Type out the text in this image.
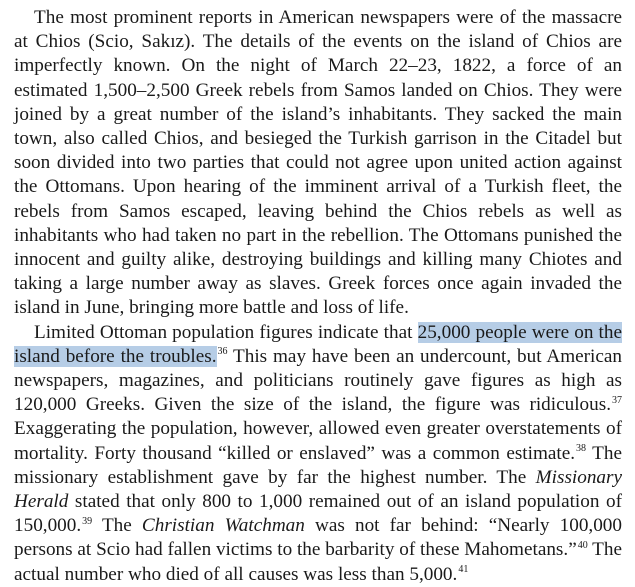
The most prominent reports in American newspapers were of the massacre at Chios (Scio, Sakız). The details of the events on the island of Chios are imperfectly known. On the night of March 22–23, 1822, a force of an estimated 1,500–2,500 Greek rebels from Samos landed on Chios. They were joined by a great number of the island’s inhabitants. They sacked the main town, also called Chios, and besieged the Turkish garrison in the Citadel but soon divided into two parties that could not agree upon united action against the Ottomans. Upon hearing of the imminent arrival of a Turkish fleet, the rebels from Samos escaped, leaving behind the Chios rebels as well as inhabitants who had taken no part in the rebellion. The Ottomans punished the innocent and guilty alike, destroying buildings and killing many Chiotes and taking a large number away as slaves. Greek forces once again invaded the island in June, bringing more battle and loss of life.

Limited Ottoman population figures indicate that 25,000 people were on the island before the troubles.$^{36}$ This may have been an undercount, but American newspapers, magazines, and politicians routinely gave figures as high as 120,000 Greeks. Given the size of the island, the figure was ridiculous.$^{37}$ Exaggerating the population, however, allowed even greater overstatements of mortality. Forty thousand “killed or enslaved” was a common estimate.$^{38}$ The missionary establishment gave by far the highest number. The Missionary Herald stated that only 800 to 1,000 remained out of an island population of 150,000.39 The Christian Watchman was not far behind: “Nearly 100,000 persons at Scio had fallen victims to the barbarity of these Mahometans.”$^{40}$ The actual number who died of all causes was less than 5,000.41
